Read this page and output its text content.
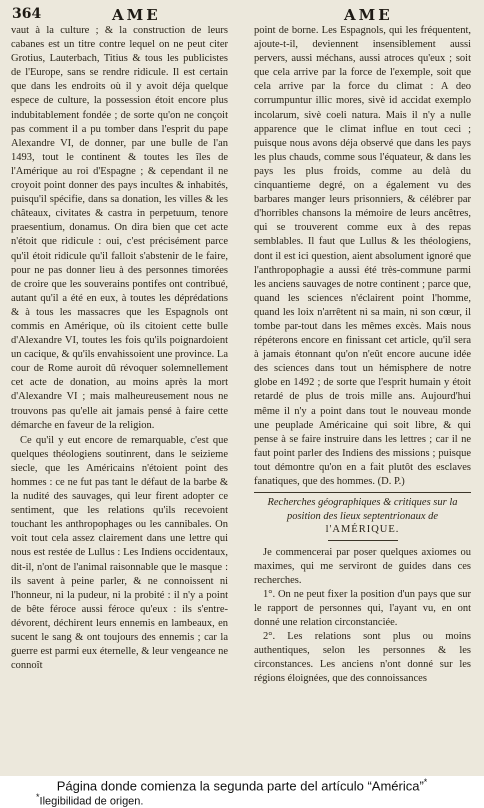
364	AME	AME

vaut à la culture ; & la construction de leurs cabanes est un titre contre lequel on ne peut citer Grotius, Lauterbach, Titius & tous les publicistes de l'Europe, sans se rendre ridicule. Il est certain que dans les endroits où il y avoit déja quelque espece de culture, la possession étoit encore plus indubitablement fondée ; de sorte qu'on ne conçoit pas comment il a pu tomber dans l'esprit du pape Alexandre VI, de donner, par une bulle de l'an 1493, tout le continent & toutes les îles de l'Amérique au roi d'Espagne ; & cependant il ne croyoit point donner des pays incultes & inhabités, puisqu'il spécifie, dans sa donation, les villes & les châteaux, civitates & castra in perpetuum, tenore praesentium, donamus. On dira bien que cet acte n'étoit que ridicule : oui, c'est précisément parce qu'il étoit ridicule qu'il falloit s'abstenir de le faire, pour ne pas donner lieu à des personnes timorées de croire que les souverains pontifes ont contribué, autant qu'il a été en eux, à toutes les déprédations & à tous les massacres que les Espagnols ont commis en Amérique, où ils citoient cette bulle d'Alexandre VI, toutes les fois qu'ils poignardoient un cacique, & qu'ils envahissoient une province. La cour de Rome auroit dû révoquer solemnellement cet acte de donation, au moins après la mort d'Alexandre VI ; mais malheureusement nous ne trouvons pas qu'elle ait jamais pensé à faire cette démarche en faveur de la religion.

Ce qu'il y eut encore de remarquable, c'est que quelques théologiens soutinrent, dans le seizieme siecle, que les Américains n'étoient point des hommes : ce ne fut pas tant le défaut de la barbe & la nudité des sauvages, qui leur firent adopter ce sentiment, que les relations qu'ils recevoient touchant les anthropophages ou les cannibales. On voit tout cela assez clairement dans une lettre qui nous est restée de Lullus : Les Indiens occidentaux, dit-il, n'ont de l'animal raisonnable que le masque : ils savent à peine parler, & ne connoissent ni l'honneur, ni la pudeur, ni la probité : il n'y a point de bête féroce aussi féroce qu'eux : ils s'entre-dévorent, déchirent leurs ennemis en lambeaux, en sucent le sang & ont toujours des ennemis ; car la guerre est parmi eux éternelle, & leur vengeance ne connoît

point de borne. Les Espagnols, qui les fréquentent, ajoute-t-il, deviennent insensiblement aussi pervers, aussi méchans, aussi atroces qu'eux ; soit que cela arrive par la force de l'exemple, soit que cela arrive par la force du climat : A deo corrumpuntur illic mores, sivè id accidat exemplo incolarum, sivè coeli natura. Mais il n'y a nulle apparence que le climat influe en tout ceci ; puisque nous avons déja observé que dans les pays les plus chauds, comme sous l'équateur, & dans les pays les plus froids, comme au delà du cinquantieme degré, on a également vu des barbares manger leurs prisonniers, & célébrer par d'horribles chansons la mémoire de leurs ancêtres, qui se trouverent comme eux à des repas semblables. Il faut que Lullus & les théologiens, dont il est ici question, aient absolument ignoré que l'anthropophagie a aussi été très-commune parmi les anciens sauvages de notre continent ; parce que, quand les sciences n'éclairent point l'homme, quand les loix n'arrêtent ni sa main, ni son cœur, il tombe par-tout dans les mêmes excès. Mais nous répéterons encore en finissant cet article, qu'il sera à jamais étonnant qu'on n'eût encore aucune idée des sciences dans tout un hémisphere de notre globe en 1492 ; de sorte que l'esprit humain y étoit retardé de plus de trois mille ans. Aujourd'hui même il n'y a point dans tout le nouveau monde une peuplade Américaine qui soit libre, & qui pense à se faire instruire dans les lettres ; car il ne faut point parler des Indiens des missions ; puisque tout démontre qu'on en a fait plutôt des esclaves fanatiques, que des hommes. (D. P.)

Recherches géographiques & critiques sur la position des lieux septentrionaux de
l'AMÉRIQUE.

Je commencerai par poser quelques axiomes ou maximes, qui me serviront de guides dans ces recherches.

1°. On ne peut fixer la position d'un pays que sur le rapport de personnes qui, l'ayant vu, en ont donné une relation circonstanciée.

2°. Les relations sont plus ou moins authentiques, selon les personnes & les circonstances. Les anciens n'ont donné sur les régions éloignées, que des connoissances

Página donde comienza la segunda parte del artículo “América”*
*Ilegibilidad de origen.
